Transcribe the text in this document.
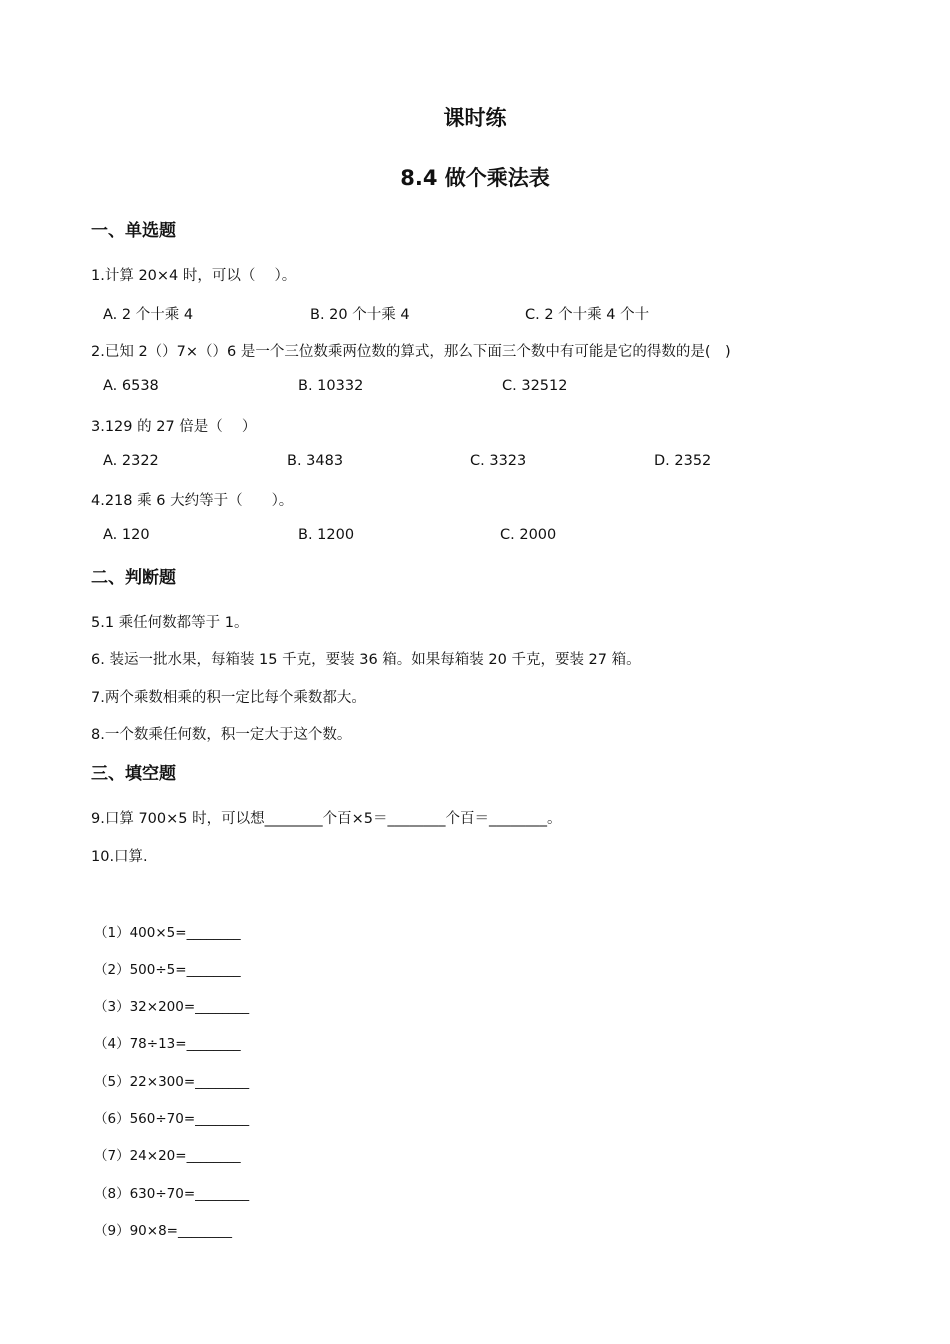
课时练
8.4 做个乘法表
一、单选题
1.计算 20×4 时，可以（　 ）。
A. 2 个十乘 4	B. 20 个十乘 4	C. 2 个十乘 4 个十
2.已知 2（）7×（）6 是一个三位数乘两位数的算式，那么下面三个数中有可能是它的得数的是(　)
A. 6538	B. 10332	C. 32512
3.129 的 27 倍是（　 ）
A. 2322	B. 3483	C. 3323	D. 2352
4.218 乘 6 大约等于（　　）。
A. 120	B. 1200	C. 2000
二、判断题
5.1 乘任何数都等于 1。
6. 装运一批水果，每箱装 15 千克，要装 36 箱。如果每箱装 20 千克，要装 27 箱。
7.两个乘数相乘的积一定比每个乘数都大。
8.一个数乘任何数，积一定大于这个数。
三、填空题
9.口算 700×5 时，可以想________个百×5＝________个百＝________。
10.口算.
（1）400×5=________
（2）500÷5=________
（3）32×200=________
（4）78÷13=________
（5）22×300=________
（6）560÷70=________
（7）24×20=________
（8）630÷70=________
（9）90×8=________
